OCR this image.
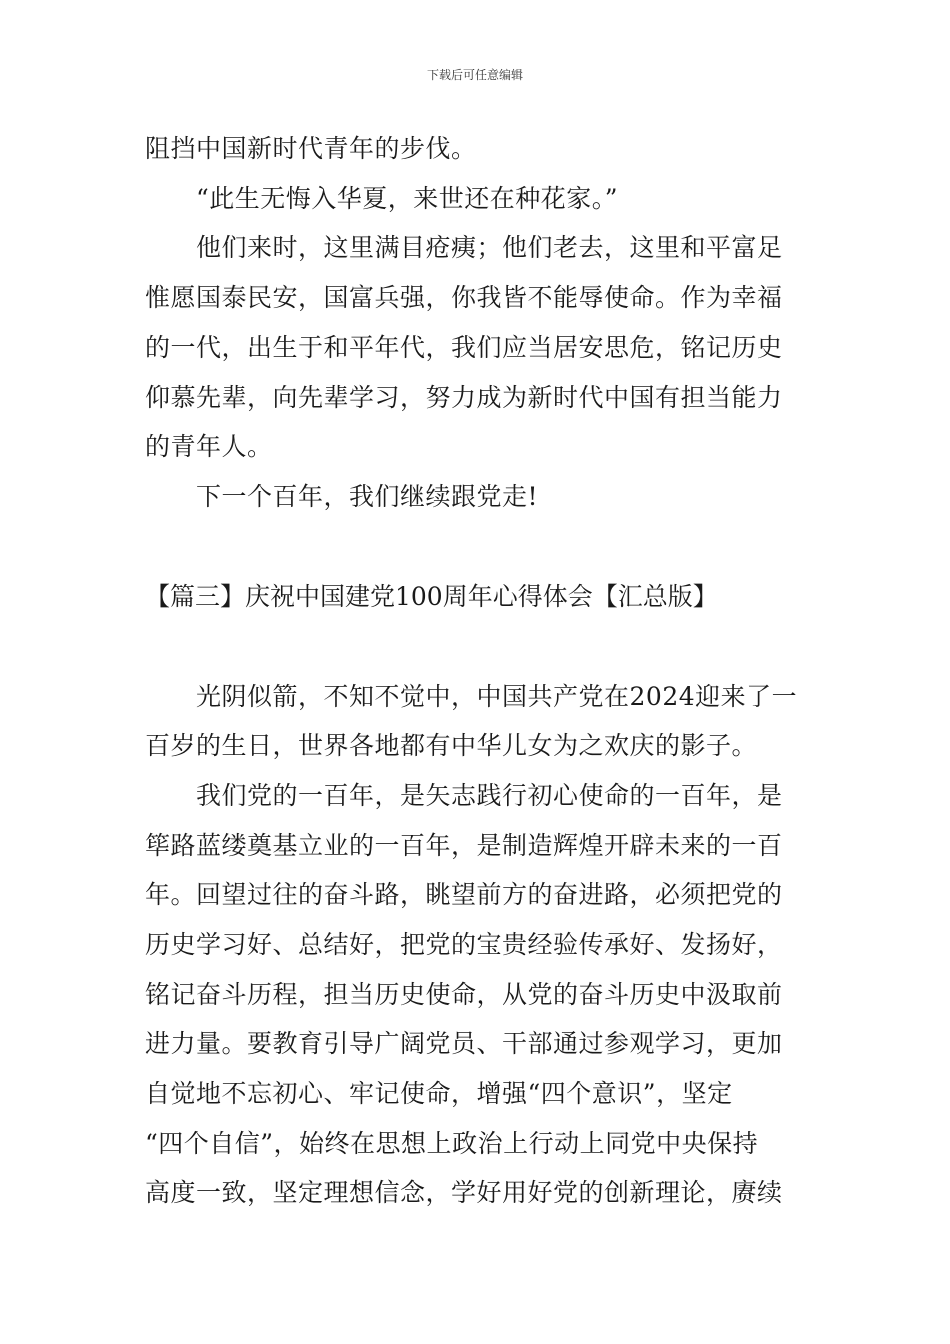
下载后可任意编辑
阻挡中国新时代青年的步伐。
“此生无悔入华夏，来世还在种花家。”
他们来时，这里满目疮痍；他们老去，这里和平富足
惟愿国泰民安，国富兵强，你我皆不能辱使命。作为幸福
的一代，出生于和平年代，我们应当居安思危，铭记历史
仰慕先辈，向先辈学习，努力成为新时代中国有担当能力
的青年人。
下一个百年，我们继续跟党走!
【篇三】庆祝中国建党100周年心得体会【汇总版】
光阴似箭，不知不觉中，中国共产党在2024迎来了一
百岁的生日，世界各地都有中华儿女为之欢庆的影子。
我们党的一百年，是矢志践行初心使命的一百年，是
筚路蓝缕奠基立业的一百年，是制造辉煌开辟未来的一百
年。回望过往的奋斗路，眺望前方的奋进路，必须把党的
历史学习好、总结好，把党的宝贵经验传承好、发扬好，
铭记奋斗历程，担当历史使命，从党的奋斗历史中汲取前
进力量。要教育引导广阔党员、干部通过参观学习，更加
自觉地不忘初心、牢记使命，增强“四个意识”，坚定
“四个自信”，始终在思想上政治上行动上同党中央保持
高度一致，坚定理想信念，学好用好党的创新理论，赓续
